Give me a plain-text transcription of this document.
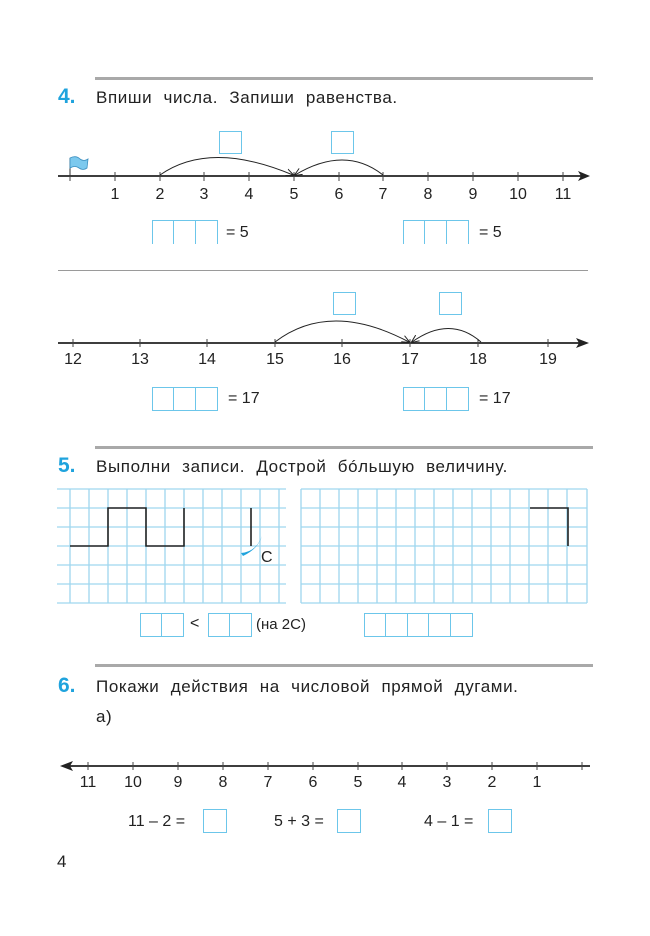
4. Впиши числа. Запиши равенства.
1 2 3 4 5 6 7 8 9 10 11
= 5	= 5
12	13	14	15	16	17	18	19
= 17	= 17
5. Выполни записи. Дострой бóльшую величину.
С
<	(на 2С)
6. Покажи действия на числовой прямой дугами.
а)
11 10 9 8 7 6 5 4 3 2 1
11 – 2 =	5 + 3 =	4 – 1 =
4
